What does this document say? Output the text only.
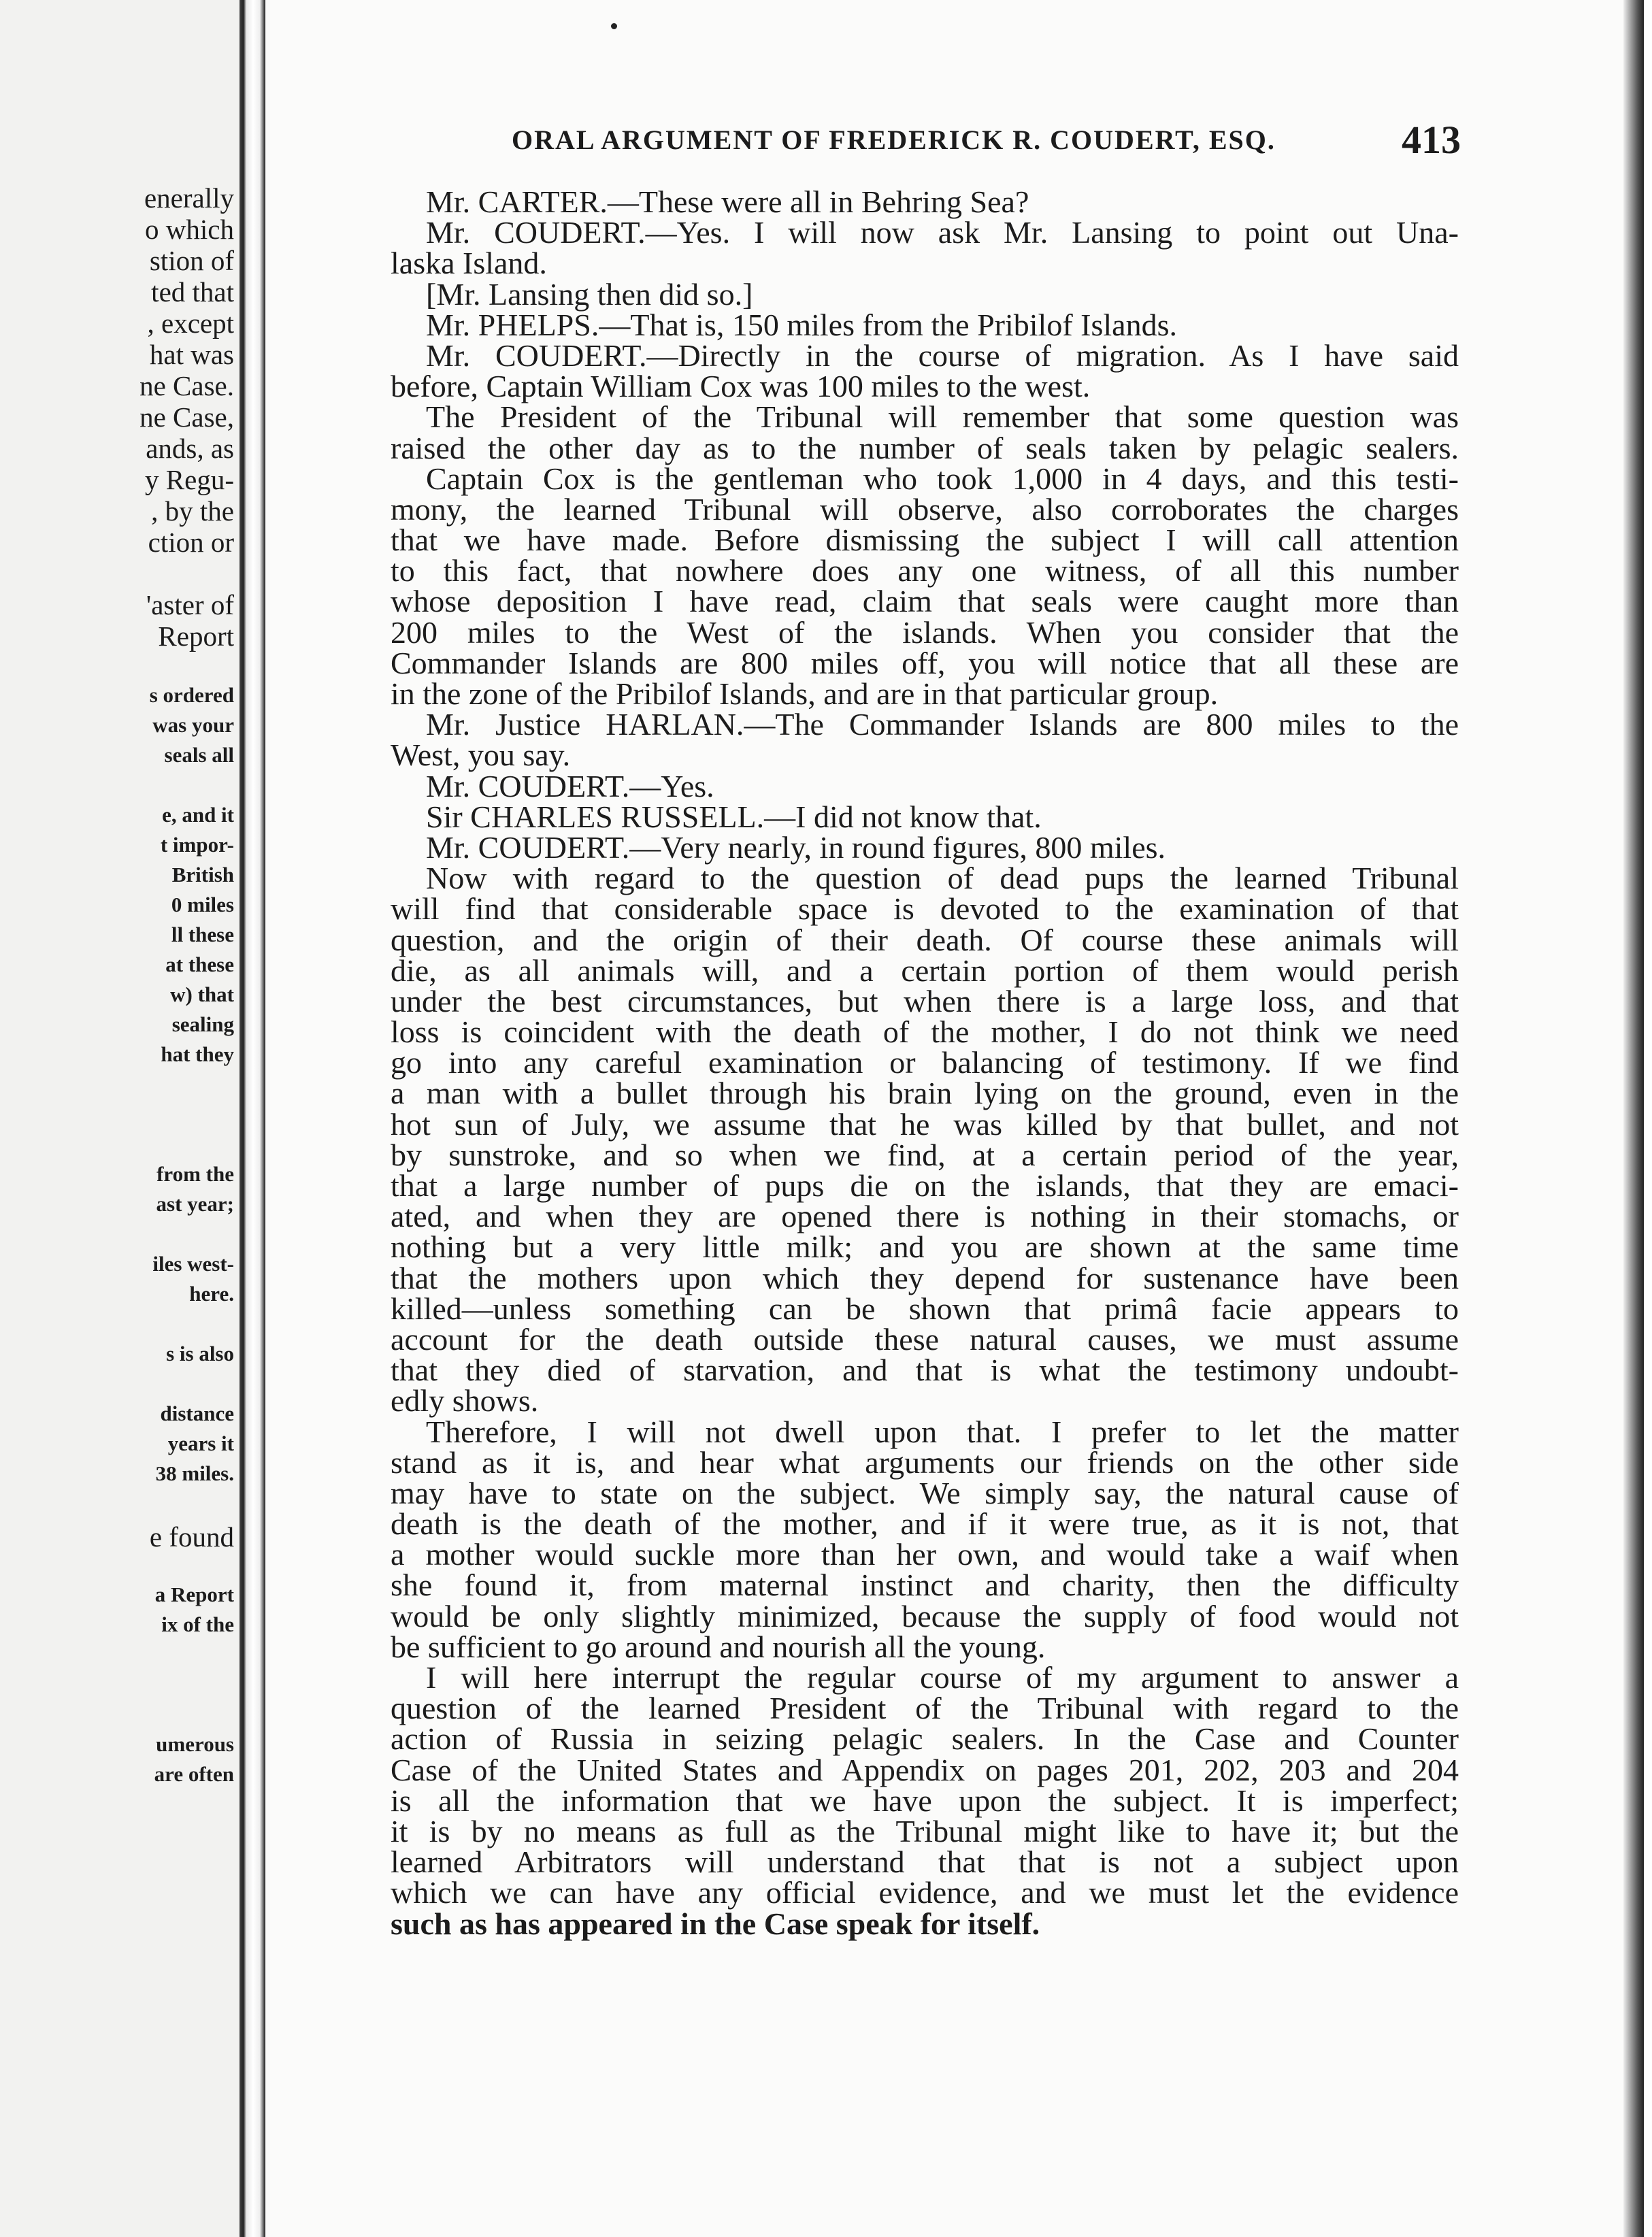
enerally
o which
stion of
ted that
, except
hat was
ne Case.
ne Case,
ands, as
y Regu-
, by the
ction or
'aster of
Report
s ordered
was your
seals all
e, and it
t impor-
British
0 miles
ll these
at these
w) that
sealing
hat they
from the
ast year;
iles west-
here.
s is also
distance
years it
38 miles.
e found
a Report
ix of the
umerous
are often
ORAL ARGUMENT OF FREDERICK R. COUDERT, ESQ.	413
Mr. CARTER.—These were all in Behring Sea?
Mr. COUDERT.—Yes. I will now ask Mr. Lansing to point out Una-
laska Island.
[Mr. Lansing then did so.]
Mr. PHELPS.—That is, 150 miles from the Pribilof Islands.
Mr. COUDERT.—Directly in the course of migration. As I have said
before, Captain William Cox was 100 miles to the west.
The President of the Tribunal will remember that some question was
raised the other day as to the number of seals taken by pelagic sealers.
Captain Cox is the gentleman who took 1,000 in 4 days, and this testi-
mony, the learned Tribunal will observe, also corroborates the charges
that we have made. Before dismissing the subject I will call attention
to this fact, that nowhere does any one witness, of all this number
whose deposition I have read, claim that seals were caught more than
200 miles to the West of the islands. When you consider that the
Commander Islands are 800 miles off, you will notice that all these are
in the zone of the Pribilof Islands, and are in that particular group.
Mr. Justice HARLAN.—The Commander Islands are 800 miles to the
West, you say.
Mr. COUDERT.—Yes.
Sir CHARLES RUSSELL.—I did not know that.
Mr. COUDERT.—Very nearly, in round figures, 800 miles.
Now with regard to the question of dead pups the learned Tribunal
will find that considerable space is devoted to the examination of that
question, and the origin of their death. Of course these animals will
die, as all animals will, and a certain portion of them would perish
under the best circumstances, but when there is a large loss, and that
loss is coincident with the death of the mother, I do not think we need
go into any careful examination or balancing of testimony. If we find
a man with a bullet through his brain lying on the ground, even in the
hot sun of July, we assume that he was killed by that bullet, and not
by sunstroke, and so when we find, at a certain period of the year,
that a large number of pups die on the islands, that they are emaci-
ated, and when they are opened there is nothing in their stomachs, or
nothing but a very little milk; and you are shown at the same time
that the mothers upon which they depend for sustenance have been
killed—unless something can be shown that primâ facie appears to
account for the death outside these natural causes, we must assume
that they died of starvation, and that is what the testimony undoubt-
edly shows.
Therefore, I will not dwell upon that. I prefer to let the matter
stand as it is, and hear what arguments our friends on the other side
may have to state on the subject. We simply say, the natural cause of
death is the death of the mother, and if it were true, as it is not, that
a mother would suckle more than her own, and would take a waif when
she found it, from maternal instinct and charity, then the difficulty
would be only slightly minimized, because the supply of food would not
be sufficient to go around and nourish all the young.
I will here interrupt the regular course of my argument to answer a
question of the learned President of the Tribunal with regard to the
action of Russia in seizing pelagic sealers. In the Case and Counter
Case of the United States and Appendix on pages 201, 202, 203 and 204
is all the information that we have upon the subject. It is imperfect;
it is by no means as full as the Tribunal might like to have it; but the
learned Arbitrators will understand that that is not a subject upon
which we can have any official evidence, and we must let the evidence
such as has appeared in the Case speak for itself.
